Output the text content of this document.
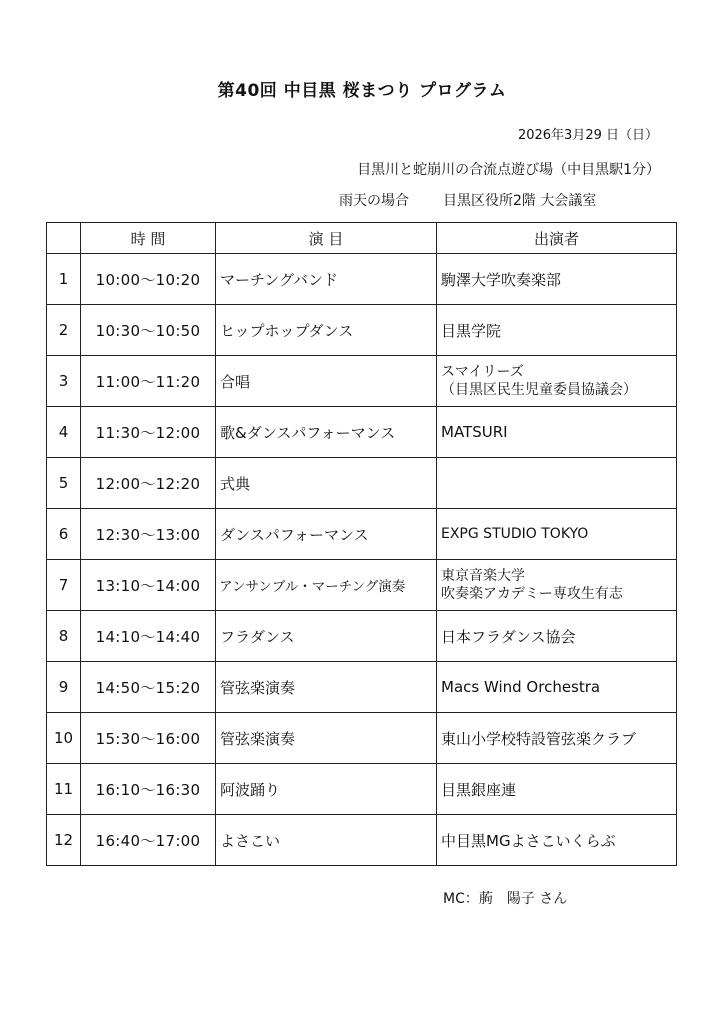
第40回 中目黒 桜まつり プログラム
2026年3月29 日（日）
目黒川と蛇崩川の合流点遊び場（中目黒駅1分）
雨天の場合 目黒区役所2階 大会議室
	時 間	演 目	出演者
1	10:00〜10:20	マーチングバンド	駒澤大学吹奏楽部

2	10:30〜10:50	ヒップホップダンス	目黒学院

3	11:00〜11:20	合唱	スマイリーズ
（目黒区民生児童委員協議会）

4	11:30〜12:00	歌&ダンスパフォーマンス	MATSURI

5	12:00〜12:20	式典	

6	12:30〜13:00	ダンスパフォーマンス	EXPG STUDIO TOKYO

7	13:10〜14:00	アンサンブル・マーチング演奏	東京音楽大学
吹奏楽アカデミー専攻生有志

8	14:10〜14:40	フラダンス	日本フラダンス協会

9	14:50〜15:20	管弦楽演奏	Macs Wind Orchestra

10	15:30〜16:00	管弦楽演奏	東山小学校特設管弦楽クラブ

11	16:10〜16:30	阿波踊り	目黒銀座連

12	16:40〜17:00	よさこい	中目黒MGよさこいくらぶ
MC：葋　陽子 さん
